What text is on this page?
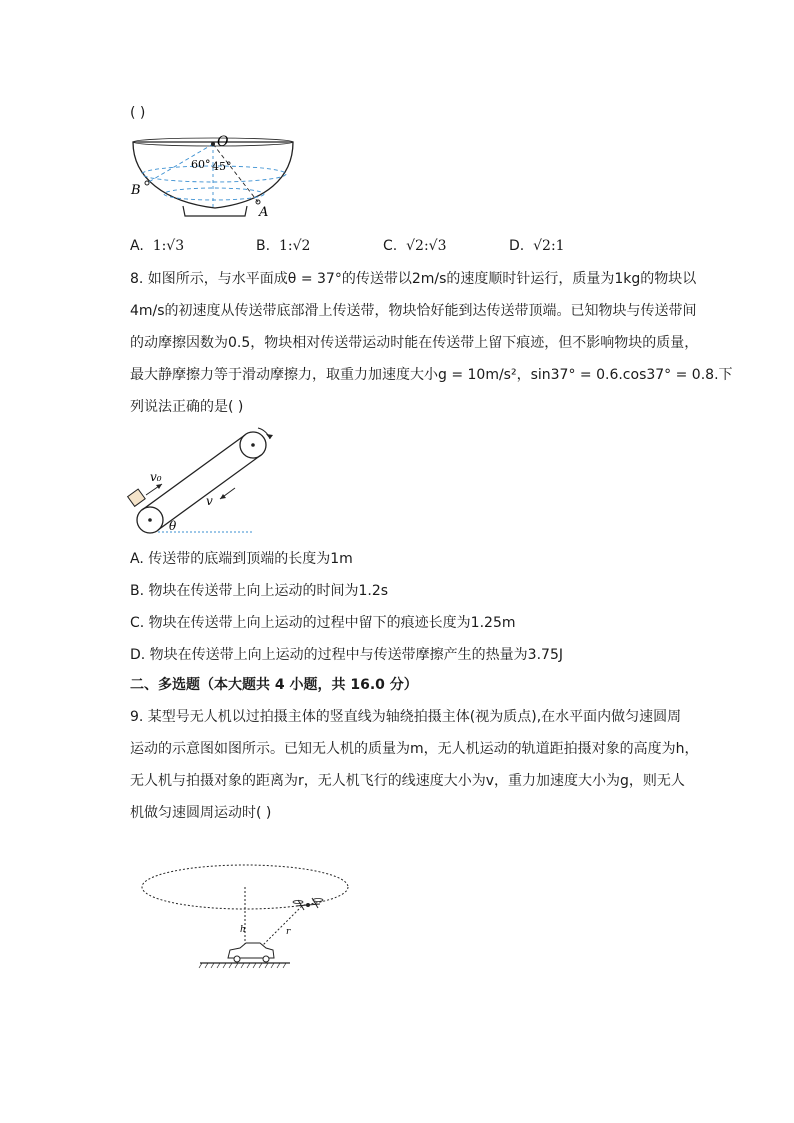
( )
O
60° 45°
B
A
A. 1:√3	B. 1:√2	C. √2:√3	D. √2:1
8. 如图所示，与水平面成θ = 37°的传送带以2m/s的速度顺时针运行，质量为1kg的物块以
4m/s的初速度从传送带底部滑上传送带，物块恰好能到达传送带顶端。已知物块与传送带间
的动摩擦因数为0.5，物块相对传送带运动时能在传送带上留下痕迹，但不影响物块的质量，
最大静摩擦力等于滑动摩擦力，取重力加速度大小g = 10m/s²，sin37° = 0.6.cos37° = 0.8.下
列说法正确的是( )
v₀
v
θ
A. 传送带的底端到顶端的长度为1m
B. 物块在传送带上向上运动的时间为1.2s
C. 物块在传送带上向上运动的过程中留下的痕迹长度为1.25m
D. 物块在传送带上向上运动的过程中与传送带摩擦产生的热量为3.75J
二、多选题（本大题共 4 小题，共 16.0 分）
9. 某型号无人机以过拍摄主体的竖直线为轴绕拍摄主体(视为质点),在水平面内做匀速圆周
运动的示意图如图所示。已知无人机的质量为m，无人机运动的轨道距拍摄对象的高度为h，
无人机与拍摄对象的距离为r，无人机飞行的线速度大小为v，重力加速度大小为g，则无人
机做匀速圆周运动时( )
h	r
